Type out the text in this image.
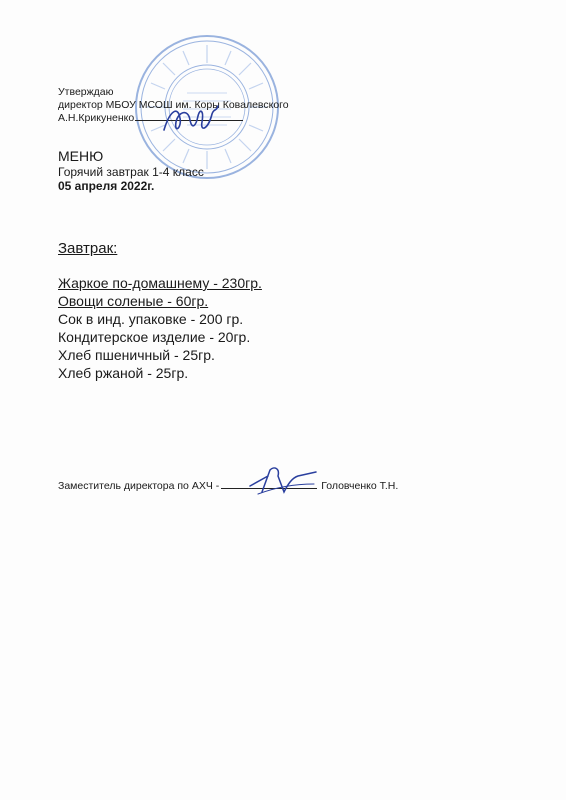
Утверждаю
директор МБОУ МСОШ им. Коры Ковалевского
А.Н.Крикуненко
МЕНЮ
Горячий завтрак 1-4 класс
05 апреля 2022г.
Завтрак:
Жаркое по-домашнему - 230гр.
Овощи соленые - 60гр.
Сок в инд. упаковке - 200 гр.
Кондитерское изделие - 20гр.
Хлеб пшеничный - 25гр.
Хлеб ржаной - 25гр.
Заместитель директора по АХЧ -	Головченко Т.Н.
